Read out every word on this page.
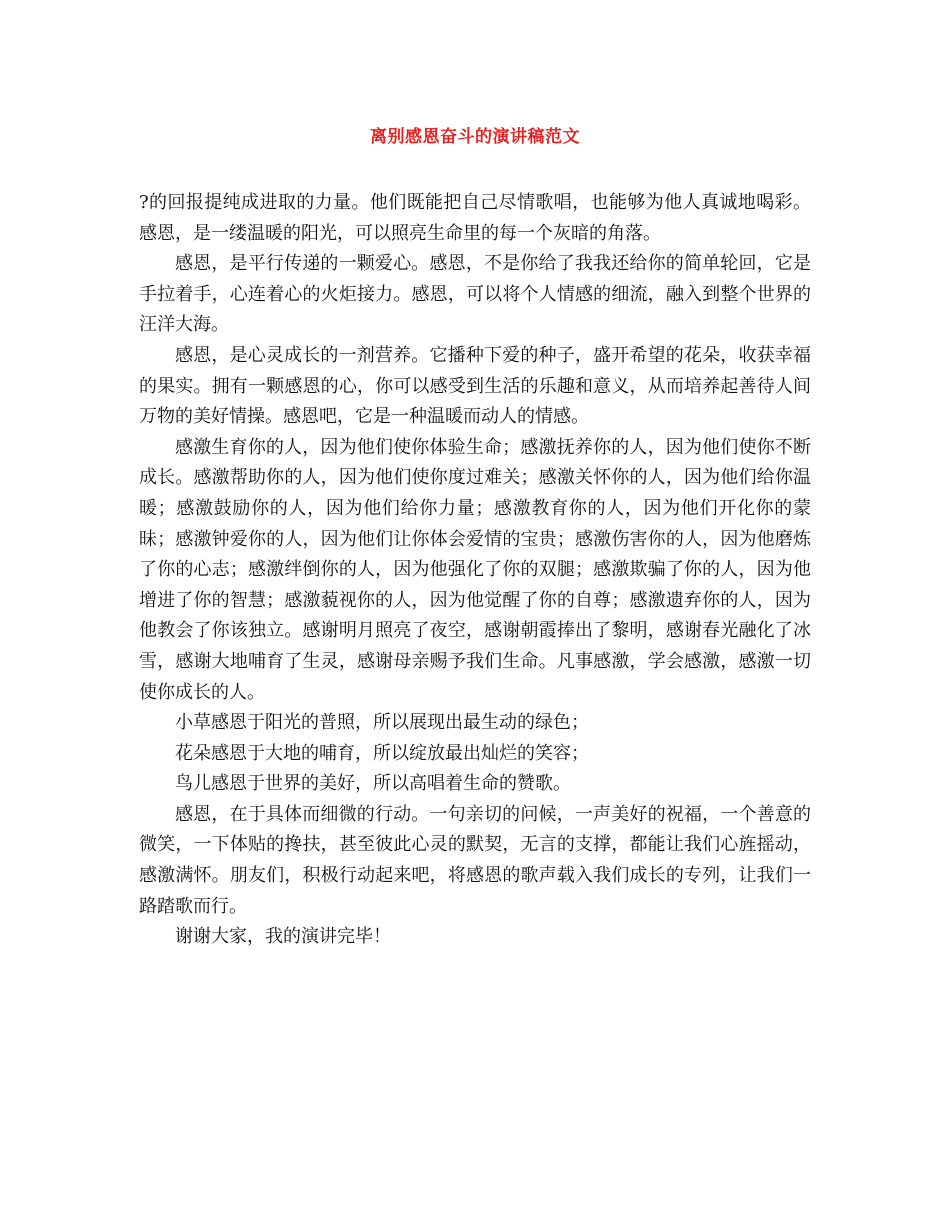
离别感恩奋斗的演讲稿范文

?的回报提纯成进取的力量。他们既能把自己尽情歌唱，也能够为他人真诚地喝彩。感恩，是一缕温暖的阳光，可以照亮生命里的每一个灰暗的角落。

感恩，是平行传递的一颗爱心。感恩，不是你给了我我还给你的简单轮回，它是手拉着手，心连着心的火炬接力。感恩，可以将个人情感的细流，融入到整个世界的汪洋大海。

感恩，是心灵成长的一剂营养。它播种下爱的种子，盛开希望的花朵，收获幸福的果实。拥有一颗感恩的心，你可以感受到生活的乐趣和意义，从而培养起善待人间万物的美好情操。感恩吧，它是一种温暖而动人的情感。

感激生育你的人，因为他们使你体验生命；感激抚养你的人，因为他们使你不断成长。感激帮助你的人，因为他们使你度过难关；感激关怀你的人，因为他们给你温暖；感激鼓励你的人，因为他们给你力量；感激教育你的人，因为他们开化你的蒙昧；感激钟爱你的人，因为他们让你体会爱情的宝贵；感激伤害你的人，因为他磨炼了你的心志；感激绊倒你的人，因为他强化了你的双腿；感激欺骗了你的人，因为他增进了你的智慧；感激藐视你的人，因为他觉醒了你的自尊；感激遗弃你的人，因为他教会了你该独立。感谢明月照亮了夜空，感谢朝霞捧出了黎明，感谢春光融化了冰雪，感谢大地哺育了生灵，感谢母亲赐予我们生命。凡事感激，学会感激，感激一切使你成长的人。

小草感恩于阳光的普照，所以展现出最生动的绿色；

花朵感恩于大地的哺育，所以绽放最出灿烂的笑容；

鸟儿感恩于世界的美好，所以高唱着生命的赞歌。

感恩，在于具体而细微的行动。一句亲切的问候，一声美好的祝福，一个善意的微笑，一下体贴的搀扶，甚至彼此心灵的默契，无言的支撑，都能让我们心旌摇动，感激满怀。朋友们，积极行动起来吧，将感恩的歌声载入我们成长的专列，让我们一路踏歌而行。

谢谢大家，我的演讲完毕！
